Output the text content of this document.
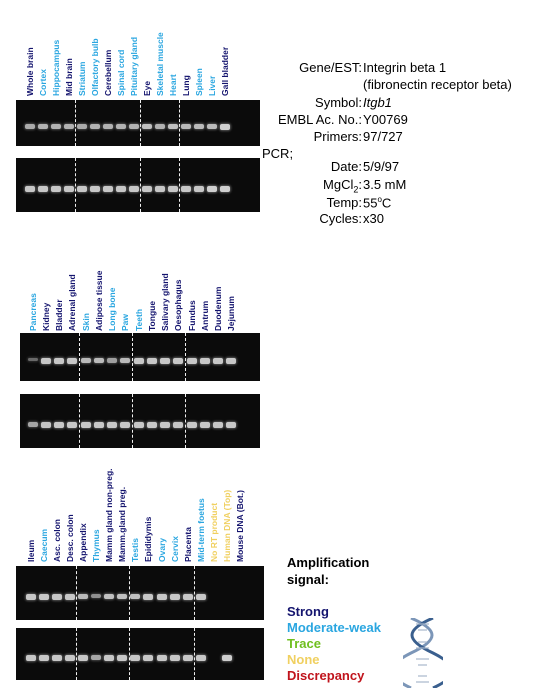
Whole brain Cortex Hippocampus Mid brain Striatum Olfactory bulb Cerebellum Spinal cord Pituitary gland Eye Skeletal muscle Heart Lung Spleen Liver Gall bladder
Pancreas Kidney Bladder Adrenal gland Skin Adipose tissue Long bone Paw Teeth Tongue Salivary gland Oesophagus Fundus Antrum Duodenum Jejunum
Ileum Caecum Asc. colon Desc. colon Appendix Thymus Mamm gland non-preg. Mamm.gland preg. Testis Epididymis Ovary Cervix Placenta Mid-term foetus No RT product Human DNA (Top) Mouse DNA (Bot.)
Gene/EST: Integrin beta 1
(fibronectin receptor beta)
Symbol: Itgb1
EMBL Ac. No.: Y00769
Primers: 97/727
PCR;
Date: 5/9/97
MgCl$_2$: 3.5 mM
Temp: 55$^o$C
Cycles: x30
Amplification
signal:
Strong
Moderate-weak
Trace
None
Discrepancy
